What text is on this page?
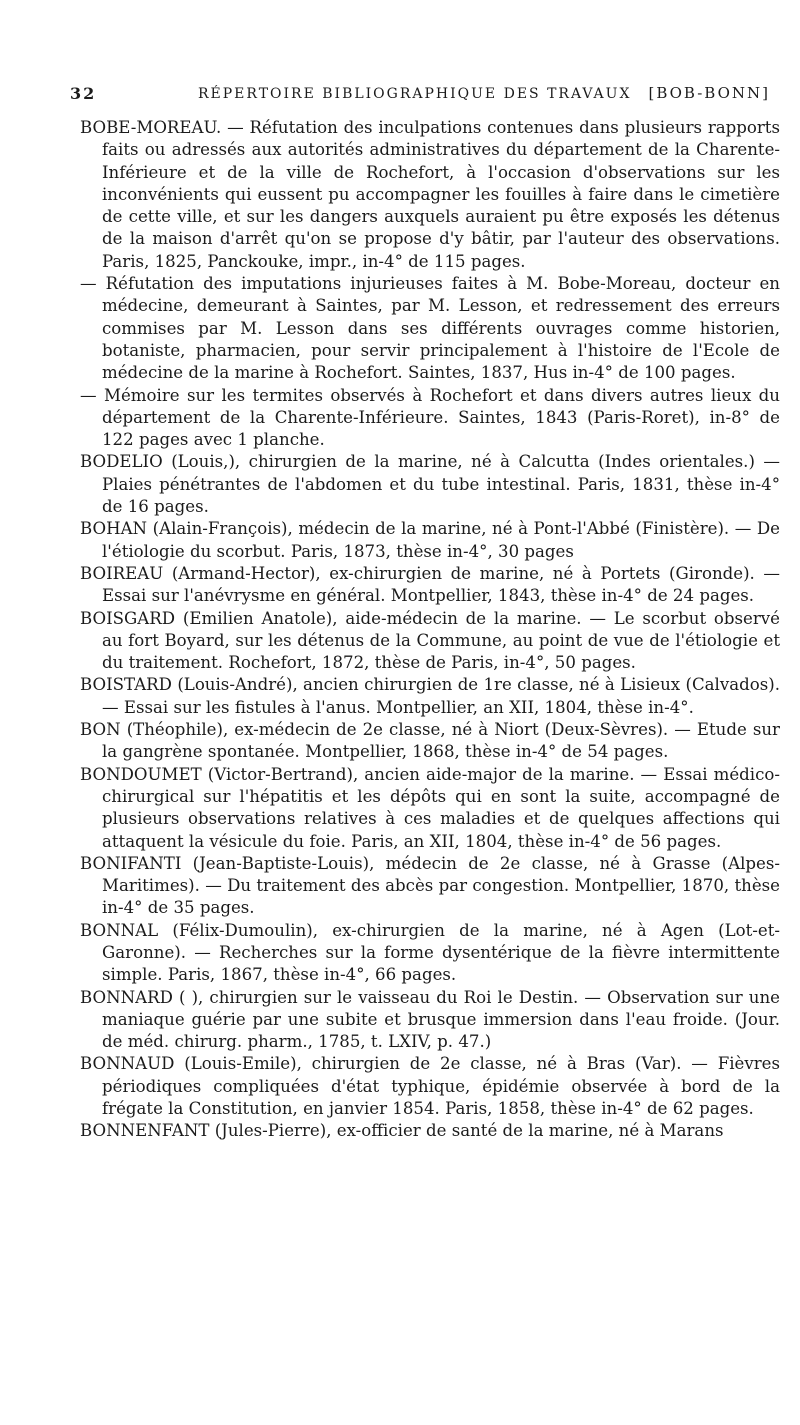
32	RÉPERTOIRE BIBLIOGRAPHIQUE DES TRAVAUX [BOB-BONN]

BOBE-MOREAU. — Réfutation des inculpations contenues dans plusieurs rapports faits ou adressés aux autorités administratives du département de la Charente-Inférieure et de la ville de Rochefort, à l'occasion d'observations sur les inconvénients qui eussent pu accompagner les fouilles à faire dans le cimetière de cette ville, et sur les dangers auxquels auraient pu être exposés les détenus de la maison d'arrêt qu'on se propose d'y bâtir, par l'auteur des observations. Paris, 1825, Panckouke, impr., in-4° de 115 pages.

— Réfutation des imputations injurieuses faites à M. Bobe-Moreau, docteur en médecine, demeurant à Saintes, par M. Lesson, et redressement des erreurs commises par M. Lesson dans ses différents ouvrages comme historien, botaniste, pharmacien, pour servir principalement à l'histoire de l'Ecole de médecine de la marine à Rochefort. Saintes, 1837, Hus in-4° de 100 pages.

— Mémoire sur les termites observés à Rochefort et dans divers autres lieux du département de la Charente-Inférieure. Saintes, 1843 (Paris-Roret), in-8° de 122 pages avec 1 planche.

BODELIO (Louis,), chirurgien de la marine, né à Calcutta (Indes orientales.) — Plaies pénétrantes de l'abdomen et du tube intestinal. Paris, 1831, thèse in-4° de 16 pages.

BOHAN (Alain-François), médecin de la marine, né à Pont-l'Abbé (Finistère). — De l'étiologie du scorbut. Paris, 1873, thèse in-4°, 30 pages

BOIREAU (Armand-Hector), ex-chirurgien de marine, né à Portets (Gironde). — Essai sur l'anévrysme en général. Montpellier, 1843, thèse in-4° de 24 pages.

BOISGARD (Emilien Anatole), aide-médecin de la marine. — Le scorbut observé au fort Boyard, sur les détenus de la Commune, au point de vue de l'étiologie et du traitement. Rochefort, 1872, thèse de Paris, in-4°, 50 pages.

BOISTARD (Louis-André), ancien chirurgien de 1re classe, né à Lisieux (Calvados). — Essai sur les fistules à l'anus. Montpellier, an XII, 1804, thèse in-4°.

BON (Théophile), ex-médecin de 2e classe, né à Niort (Deux-Sèvres). — Etude sur la gangrène spontanée. Montpellier, 1868, thèse in-4° de 54 pages.

BONDOUMET (Victor-Bertrand), ancien aide-major de la marine. — Essai médico-chirurgical sur l'hépatitis et les dépôts qui en sont la suite, accompagné de plusieurs observations relatives à ces maladies et de quelques affections qui attaquent la vésicule du foie. Paris, an XII, 1804, thèse in-4° de 56 pages.

BONIFANTI (Jean-Baptiste-Louis), médecin de 2e classe, né à Grasse (Alpes-Maritimes). — Du traitement des abcès par congestion. Montpellier, 1870, thèse in-4° de 35 pages.

BONNAL (Félix-Dumoulin), ex-chirurgien de la marine, né à Agen (Lot-et-Garonne). — Recherches sur la forme dysentérique de la fièvre intermittente simple. Paris, 1867, thèse in-4°, 66 pages.

BONNARD ( ), chirurgien sur le vaisseau du Roi le Destin. — Observation sur une maniaque guérie par une subite et brusque immersion dans l'eau froide. (Jour. de méd. chirurg. pharm., 1785, t. LXIV, p. 47.)

BONNAUD (Louis-Emile), chirurgien de 2e classe, né à Bras (Var). — Fièvres périodiques compliquées d'état typhique, épidémie observée à bord de la frégate la Constitution, en janvier 1854. Paris, 1858, thèse in-4° de 62 pages.

BONNENFANT (Jules-Pierre), ex-officier de santé de la marine, né à Marans
